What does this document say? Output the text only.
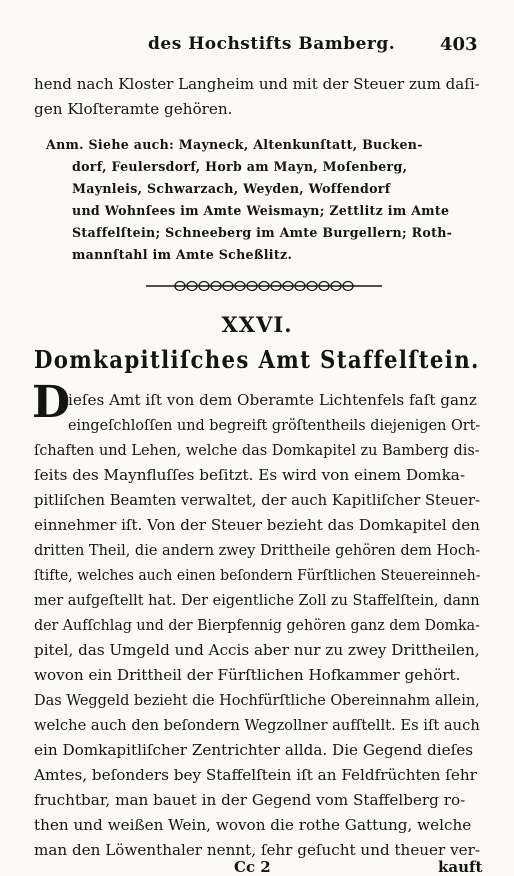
des Hochstifts Bamberg. 403
hend nach Kloster Langheim und mit der Steuer zum daſi-
gen Kloſteramte gehören.
Anm. Siehe auch: Mayneck, Altenkunſtatt, Bucken-
dorf, Feulersdorf, Horb am Mayn, Moſenberg,
Maynleis, Schwarzach, Weyden, Woffendorf
und Wohnſees im Amte Weismayn; Zettlitz im Amte
Staffelſtein; Schneeberg im Amte Burgellern; Roth-
mannſtahl im Amte Scheßlitz.
XXVI.
Domkapitliſches Amt Staffelſtein.
D
ieſes Amt iſt von dem Oberamte Lichtenfels faſt ganz
eingeſchloſſen und begreift gröſtentheils diejenigen Ort-
ſchaften und Lehen, welche das Domkapitel zu Bamberg dis-
ſeits des Maynfluſſes beſitzt. Es wird von einem Domka-
pitliſchen Beamten verwaltet, der auch Kapitliſcher Steuer-
einnehmer iſt. Von der Steuer bezieht das Domkapitel den
dritten Theil, die andern zwey Drittheile gehören dem Hoch-
ſtifte, welches auch einen beſondern Fürſtlichen Steuereinneh-
mer aufgeſtellt hat. Der eigentliche Zoll zu Staffelſtein, dann
der Aufſchlag und der Bierpfennig gehören ganz dem Domka-
pitel, das Umgeld und Accis aber nur zu zwey Drittheilen,
wovon ein Drittheil der Fürſtlichen Hofkammer gehört.
Das Weggeld bezieht die Hochfürſtliche Obereinnahm allein,
welche auch den beſondern Wegzollner aufſtellt. Es iſt auch
ein Domkapitliſcher Zentrichter allda. Die Gegend dieſes
Amtes, beſonders bey Staffelſtein iſt an Feldfrüchten ſehr
fruchtbar, man bauet in der Gegend vom Staffelberg ro-
then und weißen Wein, wovon die rothe Gattung, welche
man den Löwenthaler nennt, ſehr geſucht und theuer ver-
Cc 2	kauft
